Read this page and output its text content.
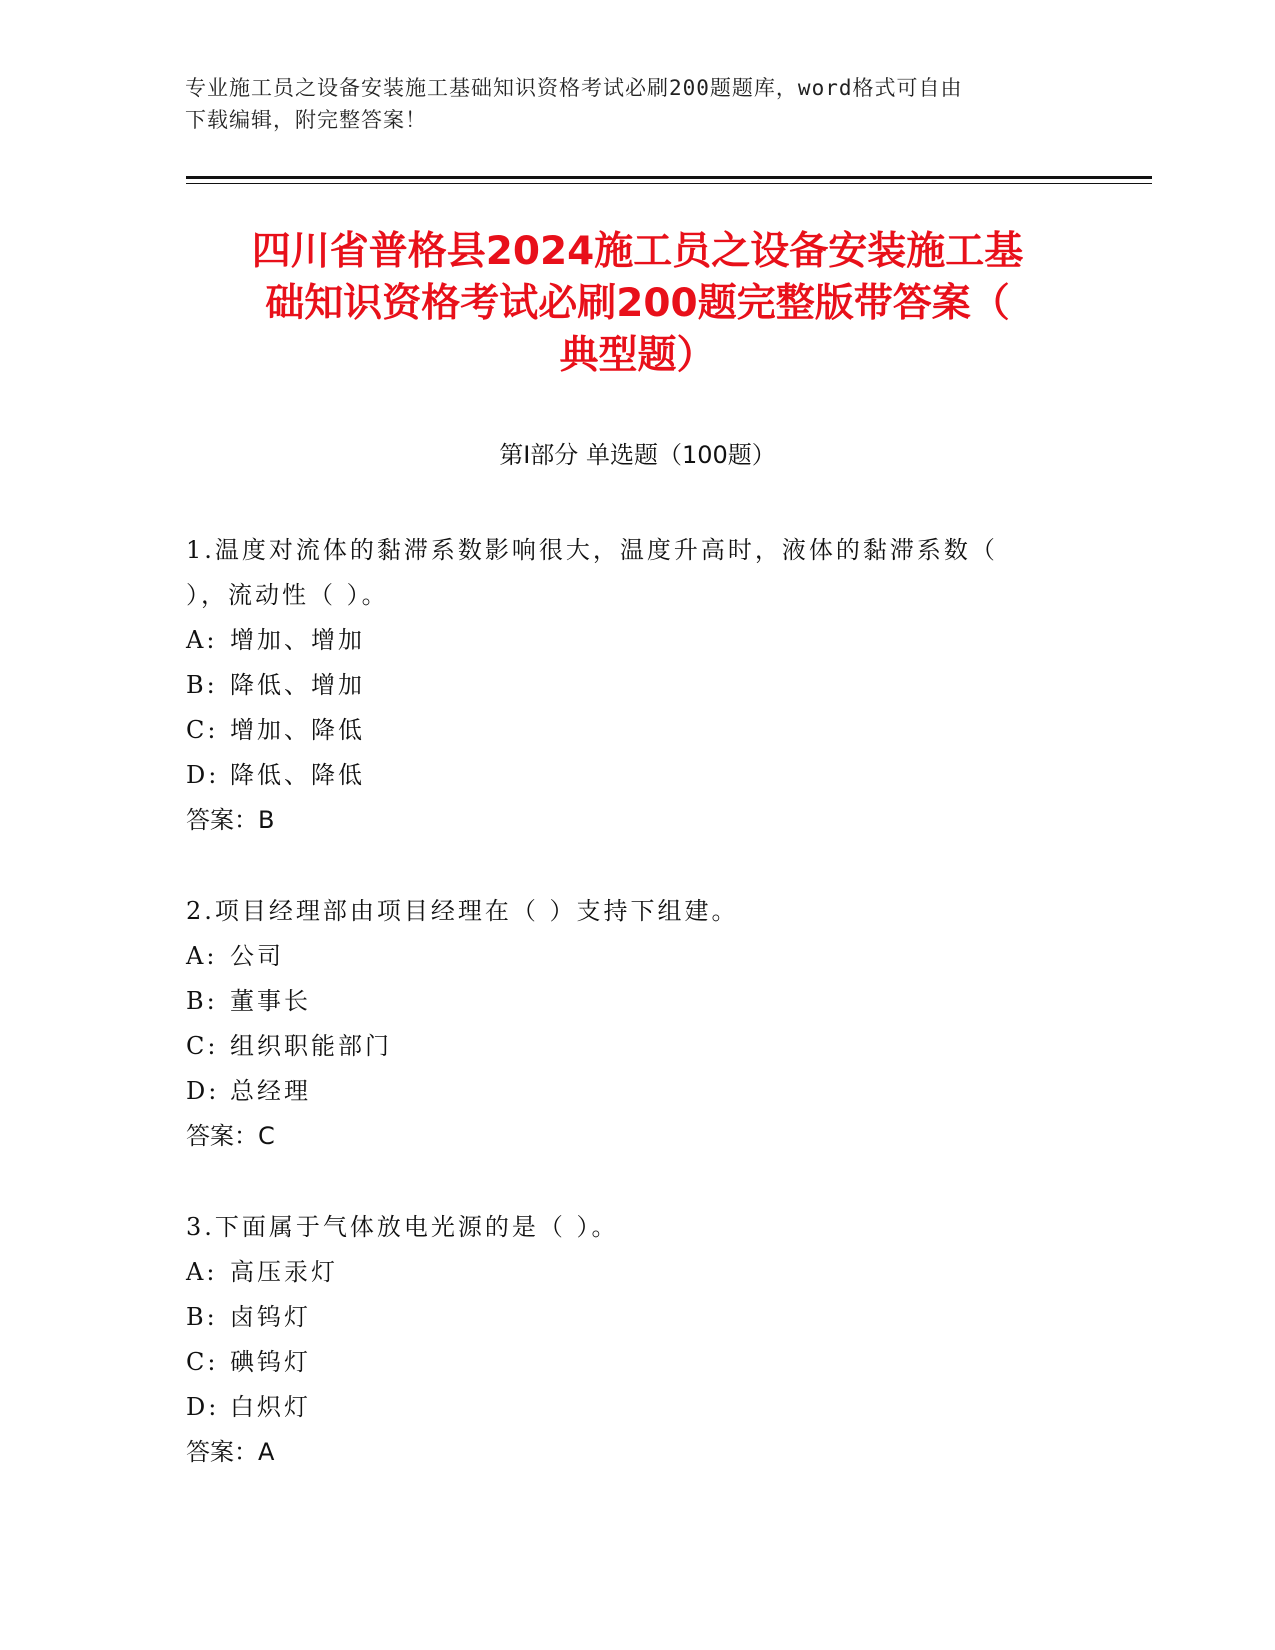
专业施工员之设备安装施工基础知识资格考试必刷200题题库，word格式可自由
下载编辑，附完整答案！
四川省普格县2024施工员之设备安装施工基
础知识资格考试必刷200题完整版带答案（
典型题）
第Ⅰ部分 单选题（100题）

1.温度对流体的黏滞系数影响很大，温度升高时，液体的黏滞系数（

），流动性（ ）。

A: 增加、增加

B: 降低、增加

C: 增加、降低

D: 降低、降低

答案：B

2.项目经理部由项目经理在（ ）支持下组建。

A: 公司

B: 董事长

C: 组织职能部门

D: 总经理

答案：C

3.下面属于气体放电光源的是（ ）。

A: 高压汞灯

B: 卤钨灯

C: 碘钨灯

D: 白炽灯

答案：A
